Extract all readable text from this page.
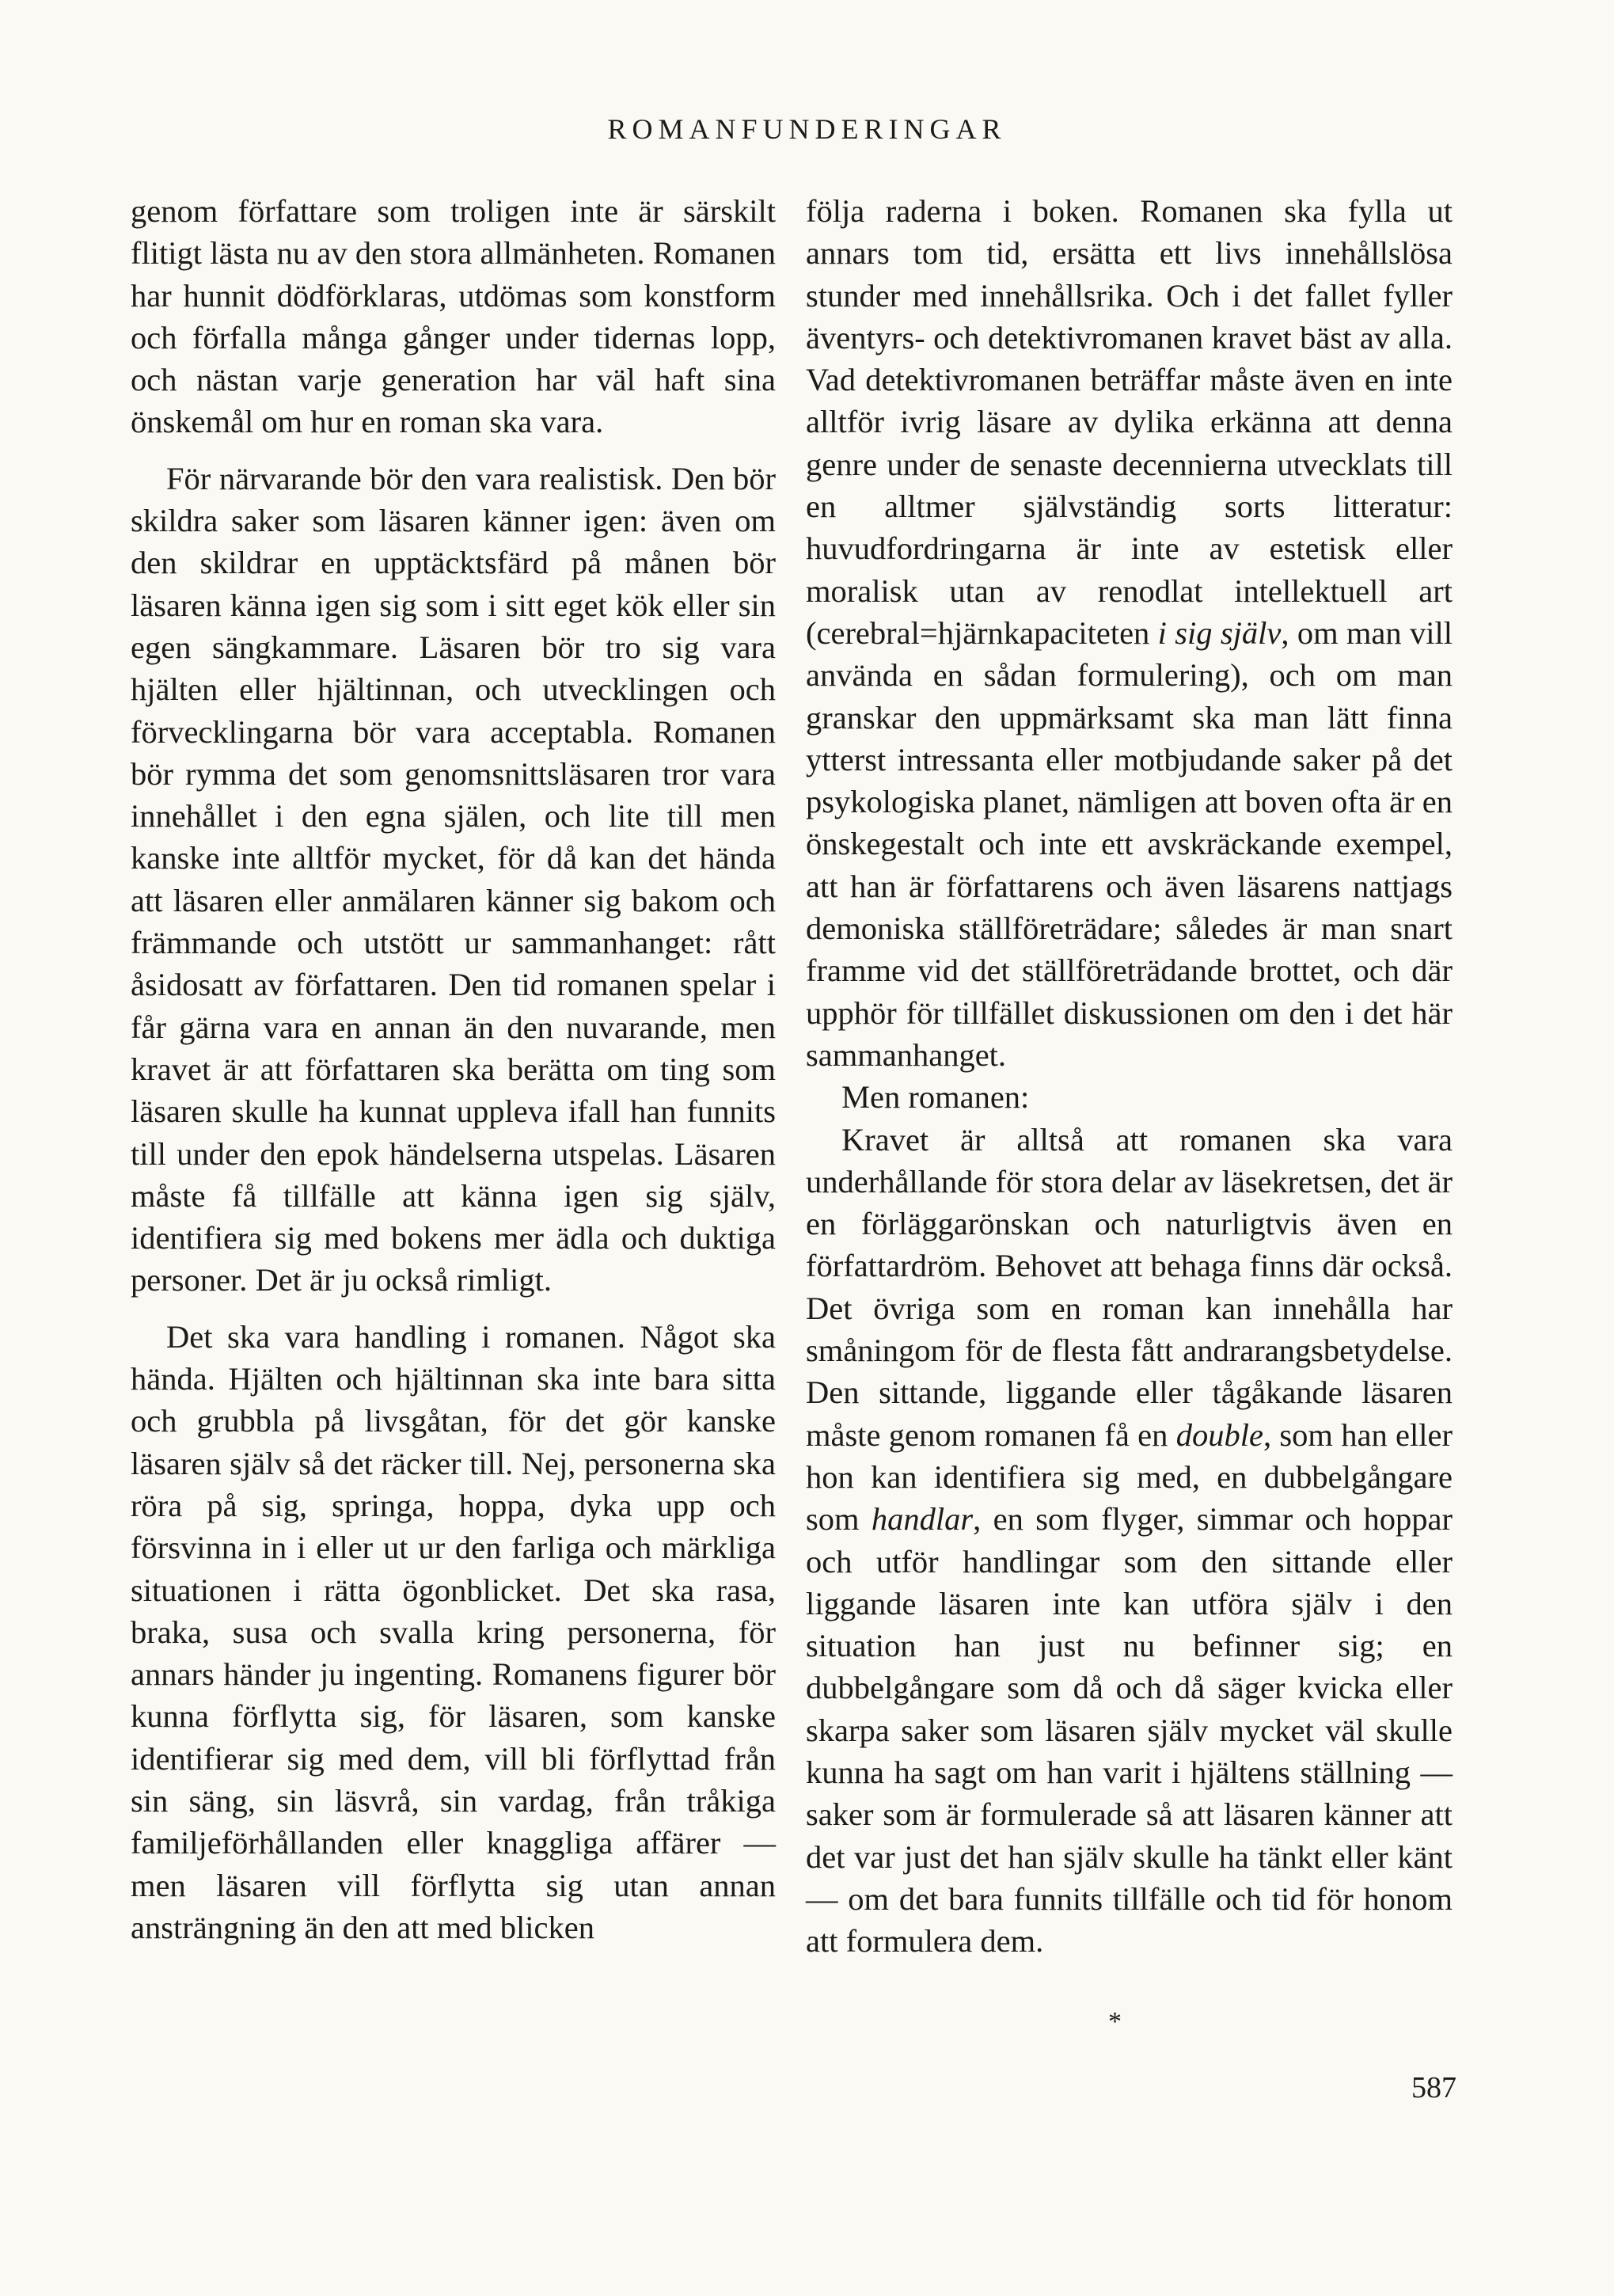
ROMANFUNDERINGAR

genom författare som troligen inte är särskilt flitigt lästa nu av den stora allmänheten. Romanen har hunnit dödförklaras, utdömas som konstform och förfalla många gånger under tidernas lopp, och nästan varje generation har väl haft sina önskemål om hur en roman ska vara.

För närvarande bör den vara realistisk. Den bör skildra saker som läsaren känner igen: även om den skildrar en upptäcktsfärd på månen bör läsaren känna igen sig som i sitt eget kök eller sin egen sängkammare. Läsaren bör tro sig vara hjälten eller hjältinnan, och utvecklingen och förvecklingarna bör vara acceptabla. Romanen bör rymma det som genomsnittsläsaren tror vara innehållet i den egna själen, och lite till men kanske inte alltför mycket, för då kan det hända att läsaren eller anmälaren känner sig bakom och främmande och utstött ur sammanhanget: rått åsidosatt av författaren. Den tid romanen spelar i får gärna vara en annan än den nuvarande, men kravet är att författaren ska berätta om ting som läsaren skulle ha kunnat uppleva ifall han funnits till under den epok händelserna utspelas. Läsaren måste få tillfälle att känna igen sig själv, identifiera sig med bokens mer ädla och duktiga personer. Det är ju också rimligt.

Det ska vara handling i romanen. Något ska hända. Hjälten och hjältinnan ska inte bara sitta och grubbla på livsgåtan, för det gör kanske läsaren själv så det räcker till. Nej, personerna ska röra på sig, springa, hoppa, dyka upp och försvinna in i eller ut ur den farliga och märkliga situationen i rätta ögonblicket. Det ska rasa, braka, susa och svalla kring personerna, för annars händer ju ingenting. Romanens figurer bör kunna förflytta sig, för läsaren, som kanske identifierar sig med dem, vill bli förflyttad från sin säng, sin läsvrå, sin vardag, från tråkiga familjeförhållanden eller knaggliga affärer — men läsaren vill förflytta sig utan annan ansträngning än den att med blicken

följa raderna i boken. Romanen ska fylla ut annars tom tid, ersätta ett livs innehållslösa stunder med innehållsrika. Och i det fallet fyller äventyrs- och detektivromanen kravet bäst av alla. Vad detektivromanen beträffar måste även en inte alltför ivrig läsare av dylika erkänna att denna genre under de senaste decennierna utvecklats till en alltmer självständig sorts litteratur: huvudfordringarna är inte av estetisk eller moralisk utan av renodlat intellektuell art (cerebral=hjärnkapaciteten i sig själv, om man vill använda en sådan formulering), och om man granskar den uppmärksamt ska man lätt finna ytterst intressanta eller motbjudande saker på det psykologiska planet, nämligen att boven ofta är en önskegestalt och inte ett avskräckande exempel, att han är författarens och även läsarens nattjags demoniska ställföreträdare; således är man snart framme vid det ställföreträdande brottet, och där upphör för tillfället diskussionen om den i det här sammanhanget.

Men romanen:

Kravet är alltså att romanen ska vara underhållande för stora delar av läsekretsen, det är en förläggarönskan och naturligtvis även en författardröm. Behovet att behaga finns där också. Det övriga som en roman kan innehålla har småningom för de flesta fått andrarangsbetydelse. Den sittande, liggande eller tågåkande läsaren måste genom romanen få en double, som han eller hon kan identifiera sig med, en dubbelgångare som handlar, en som flyger, simmar och hoppar och utför handlingar som den sittande eller liggande läsaren inte kan utföra själv i den situation han just nu befinner sig; en dubbelgångare som då och då säger kvicka eller skarpa saker som läsaren själv mycket väl skulle kunna ha sagt om han varit i hjältens ställning — saker som är formulerade så att läsaren känner att det var just det han själv skulle ha tänkt eller känt — om det bara funnits tillfälle och tid för honom att formulera dem.

*
587
